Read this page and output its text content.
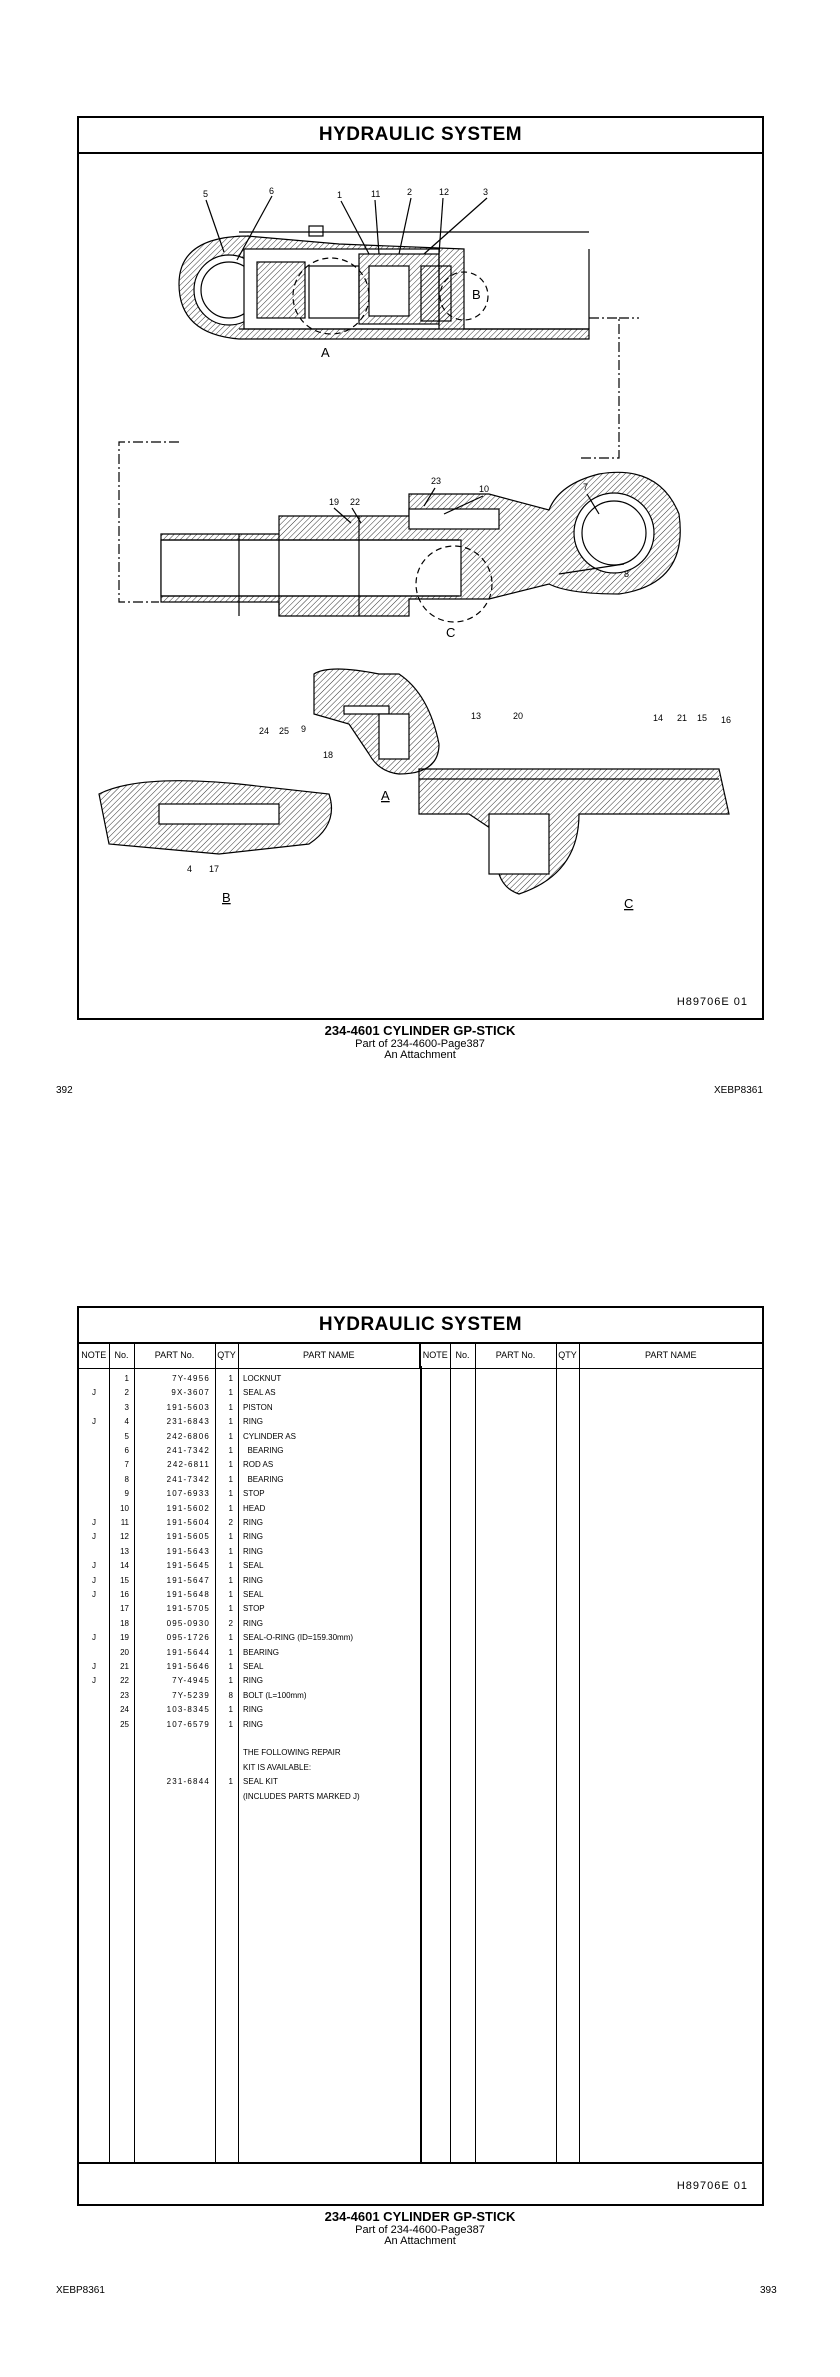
HYDRAULIC SYSTEM
5	6	1	11	2	12	3
19 22
23
10	7
8
24 25 9
18
13	20	14 21 15 16
4 17
A
B
C
A
B	C
H89706E 01
234-4601 CYLINDER GP-STICK
Part of 234-4600-Page387
An Attachment
392	XEBP8361
HYDRAULIC SYSTEM
NOTE	No.	PART No.	QTY	PART NAME	NOTE	No.	PART No.	QTY	PART NAME
1	7Y-4956	1	LOCKNUT
J	2	9X-3607	1	SEAL AS
3	191-5603	1	PISTON
J	4	231-6843	1	RING
5	242-6806	1	CYLINDER AS
6	241-7342	1	BEARING
7	242-6811	1	ROD AS
8	241-7342	1	BEARING
9	107-6933	1	STOP
10	191-5602	1	HEAD
J	11	191-5604	2	RING
J	12	191-5605	1	RING
13	191-5643	1	RING
J	14	191-5645	1	SEAL
J	15	191-5647	1	RING
J	16	191-5648	1	SEAL
17	191-5705	1	STOP
18	095-0930	2	RING
J	19	095-1726	1	SEAL-O-RING (ID=159.30mm)
20	191-5644	1	BEARING
J	21	191-5646	1	SEAL
J	22	7Y-4945	1	RING
23	7Y-5239	8	BOLT (L=100mm)
24	103-8345	1	RING
25	107-6579	1	RING
THE FOLLOWING REPAIR
KIT IS AVAILABLE:
231-6844	1	SEAL KIT
(INCLUDES PARTS MARKED J)
H89706E 01
234-4601 CYLINDER GP-STICK
Part of 234-4600-Page387
An Attachment
XEBP8361	393
